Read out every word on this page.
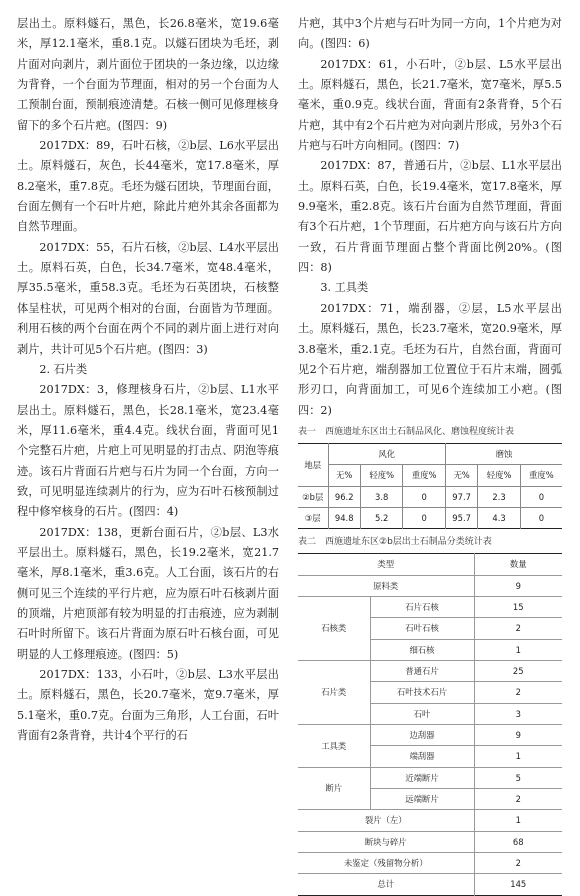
层出土。原料燧石，黑色，长26.8毫米，宽19.6毫米，厚12.1毫米，重8.1克。以燧石团块为毛坯，剥片面对向剥片，剥片面位于团块的一条边缘，以边缘为背脊，一个台面为节理面，相对的另一个台面为人工预制台面，预制痕迹清楚。石核一侧可见修理核身留下的多个石片疤。(图四：9)

2017DX：89，石叶石核，②b层、L6水平层出土。原料燧石，灰色，长44毫米，宽17.8毫米，厚8.2毫米，重7.8克。毛坯为燧石团块，节理面台面，台面左侧有一个石叶片疤，除此片疤外其余各面都为自然节理面。

2017DX：55，石片石核，②b层、L4水平层出土。原料石英，白色，长34.7毫米，宽48.4毫米，厚35.5毫米，重58.3克。毛坯为石英团块，石核整体呈柱状，可见两个相对的台面，台面皆为节理面。利用石核的两个台面在两个不同的剥片面上进行对向剥片，共计可见5个石片疤。(图四：3)

2. 石片类

2017DX：3，修理核身石片，②b层、L1水平层出土。原料燧石，黑色，长28.1毫米，宽23.4毫米，厚11.6毫米，重4.4克。线状台面，背面可见1个完整石片疤，片疤上可见明显的打击点、阴泡等痕迹。该石片背面石片疤与石片为同一个台面，方向一致，可见明显连续剥片的行为，应为石叶石核预制过程中修窄核身的石片。(图四：4)

2017DX：138，更新台面石片，②b层、L3水平层出土。原料燧石，黑色，长19.2毫米，宽21.7毫米，厚8.1毫米，重3.6克。人工台面，该石片的右侧可见三个连续的平行片疤，应为原石叶石核剥片面的顶端，片疤顶部有较为明显的打击痕迹，应为剥制石叶时所留下。该石片背面为原石叶石核台面，可见明显的人工修理痕迹。(图四：5)

2017DX：133，小石叶，②b层、L3水平层出土。原料燧石，黑色，长20.7毫米，宽9.7毫米，厚5.1毫米，重0.7克。台面为三角形，人工台面，石叶背面有2条背脊，共计4个平行的石

片疤，其中3个片疤与石叶为同一方向，1个片疤为对向。(图四：6)

2017DX：61，小石叶，②b层、L5水平层出土。原料燧石，黑色，长21.7毫米，宽7毫米，厚5.5毫米，重0.9克。线状台面，背面有2条背脊，5个石片疤，其中有2个石片疤为对向剥片形成，另外3个石片疤与石叶方向相同。(图四：7)

2017DX：87，普通石片，②b层、L1水平层出土。原料石英，白色，长19.4毫米，宽17.8毫米，厚9.9毫米，重2.8克。该石片台面为自然节理面，背面有3个石片疤，1个节理面，石片疤方向与该石片方向一致，石片背面节理面占整个背面比例20%。(图四：8)

3. 工具类

2017DX：71，端刮器，②层，L5水平层出土。原料燧石，黑色，长23.7毫米，宽20.9毫米，厚3.8毫米，重2.1克。毛坯为石片，自然台面，背面可见2个石片疤，端刮器加工位置位于石片末端，圆弧形刃口，向背面加工，可见6个连续加工小疤。(图四：2)

表一　西施遗址东区出土石制品风化、磨蚀程度统计表
地层	风化			磨蚀		
	无%	轻度%	重度%	无%	轻度%	重度%
②b层	96.2	3.8	0	97.7	2.3	0
③层	94.8	5.2	0	95.7	4.3	0
表二　西施遗址东区②b层出土石制品分类统计表
类型		数量
原料类		9
石核类	石片石核	15
	石叶石核	2
	细石核	1
石片类	普通石片	25
	石叶技术石片	2
	石叶	3
工具类	边刮器	9
	端刮器	1
断片	近端断片	5
	远端断片	2
裂片（左）		1
断块与碎片		68
未鉴定（残留物分析）		2
总计		145
